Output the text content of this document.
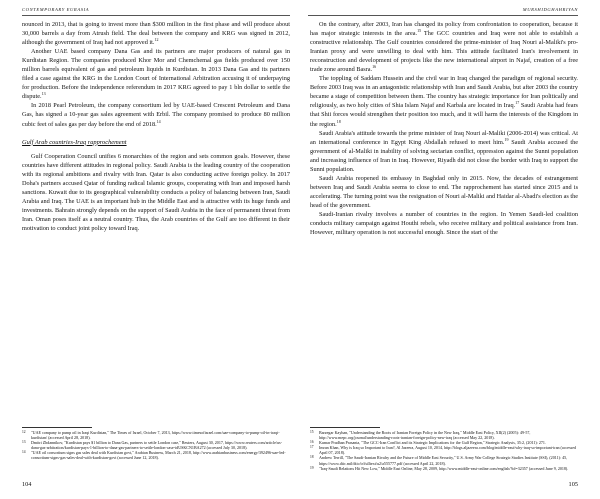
CONTEMPORARY EURASIA

nounced in 2013, that is going to invest more than $300 million in the first phase and will produce about 30,000 barrels a day from Atrush field. The deal between the company and KRG was signed in 2012, although the government of Iraq had not approved it.$^{12}$

Another UAE based company Dana Gas and its partners are major producers of natural gas in Kurdistan Region. The companies produced Khor Mor and Chemchemal gas fields produced over 150 million barrels equivalent of gas and petroleum liquids in Kurdistan. In 2013 Dana Gas and its partners filed a case against the KRG in the London Court of International Arbitration accusing it of underpaying for production. Before the independence referendum in 2017 KRG agreed to pay 1 bln dollar to settle the dispute.$^{13}$

In 2018 Pearl Petroleum, the company consortium led by UAE-based Crescent Petroleum and Dana Gas, has signed a 10-year gas sales agreement with Erbil. The company promised to produce 80 million cubic feet of sales gas per day before the end of 2018.14

Gulf Arab countries-Iraq rapprochement

Gulf Cooperation Council unifies 6 monarchies of the region and sets common goals. However, these countries have different attitudes in regional policy. Saudi Arabia is the leading country of the cooperation with its regional ambitions and rivalry with Iran. Qatar is also conducting active foreign policy. In 2017 Doha's partners accused Qatar of funding radical Islamic groups, cooperating with Iran and imposed harsh sanctions. Kuwait due to its geographical vulnerability conducts a policy of balancing between Iran, Saudi Arabia and Iraq. The UAE is an important hub in the Middle East and is attractive with its huge funds and investments. Bahrain strongly depends on the support of Saudi Arabia in the face of permanent threat from Iran. Oman poses itself as a neutral country. Thus, the Arab countries of the Gulf are too different in their motivation to conduct joint policy toward Iraq.

12	"UAE company to pump oil in Iraqi Kurdistan," The Times of Israel, October 7, 2013, https://www.timesofisrael.com/uae-company-to-pump-oil-in-iraqi-kurdistan/ (accessed April 28, 2018).
13	Dmitri Zhdannikov, "Kurdistan pays $1 billion to Dana Gas, partners to settle London case," Reuters, August 30, 2017, https://www.reuters.com/article/us-dana-gas-arbitration/kurdistan-pays-1-billion-to-dana-gas-partners-to-settle-london-case-idUSKCN1BA272 (accessed July 30, 2018).
14	"UAE oil consortium signs gas sales deal with Kurdistan govt," Arabian Business, March 21, 2018, http://www.arabianbusiness.com/energy/392496-uae-led-consortium-signs-gas-sales-deal-with-kurdistan-govt (accessed June 12, 2018).
104
MURSHIDGHAHRIYAN

On the contrary, after 2003, Iran has changed its policy from confrontation to cooperation, because it has major strategic interests in the area.$^{15}$ The GCC countries and Iraq were not able to establish a constructive relationship. The Gulf countries considered the prime-minister of Iraq Nouri al-Maliki's pro-Iranian proxy and were unwilling to deal with him. This attitude facilitated Iran's involvement in reconstruction and development of projects like the new international airport in Najaf, creation of a free trade zone around Basra.$^{16}$

The toppling of Saddam Hussein and the civil war in Iraq changed the paradigm of regional security. Before 2003 Iraq was in an antagonistic relationship with Iran and Saudi Arabia, but after 2003 the country became a stage of competition between them. The country has strategic importance for Iran politically and religiously, as two holy cities of Shia Islam Najaf and Karbala are located in Iraq.$^{17}$ Saudi Arabia had fears that Shii forces would strengthen their position too much, and it will harm the interests of the Kingdom in the region.$^{18}$

Saudi Arabia's attitude towards the prime minister of Iraq Nouri al-Maliki (2006-2014) was critical. At an international conference in Egypt King Abdallah refused to meet him.$^{19}$ Saudi Arabia accused the government of al-Maliki in inability of solving sectarian conflict, oppression against the Sunni population and increasing influence of Iran in Iraq. However, Riyadh did not close the border with Iraq to support the Sunni population.

Saudi Arabia reopened its embassy in Baghdad only in 2015. Now, the decades of estrangement between Iraq and Saudi Arabia seems to close to end. The rapprochement has started since 2015 and is accelerating. The turning point was the resignation of Nouri al-Maliki and Haidar al-Abadi's election as the head of the government.

Saudi-Iranian rivalry involves a number of countries in the region. In Yemen Saudi-led coalition conducts military campaign against Houthi rebels, who receive military and political assistance from Iran. However, military operation is not successful enough. Since the start of the

15	Barzegar Kayhan, "Understanding the Roots of Iranian Foreign Policy in the New Iraq," Middle East Policy, XII(2) (2005): 49-57, http://www.mepc.org/journal/understanding-roots-iranian-foreign-policy-new-iraq (accessed May 22, 2018).
16	Kumar Pradhan Prasanta, "The GCC-Iran Conflict and its Strategic Implications for the Gulf Region," Strategic Analysis, 35:2, (2011): 271.
17	Imran Khan, Why is Iraq so Important to Iran?, Al Jazeera, August 10, 2014, http://blogs.aljazeera.com/blog/middle-east/why-iraq-so-important-iran (accessed April 07, 2018).
18	Andrew Terrill, "The Saudi-Iranian Rivalry and the Future of Middle East Security," U.S. Army War College Strategic Studies Institute (SSI), (2011): 45, https://www.dtic.mil/dtic/tr/fulltext/u2/a555777.pdf (accessed April 22, 2018).
19	"Iraq-Saudi Relations Hit New Low," Middle East Online, May 28, 2009, http://www.middle-east-online.com/english/?id=32357 (accessed June 9, 2018).
105
